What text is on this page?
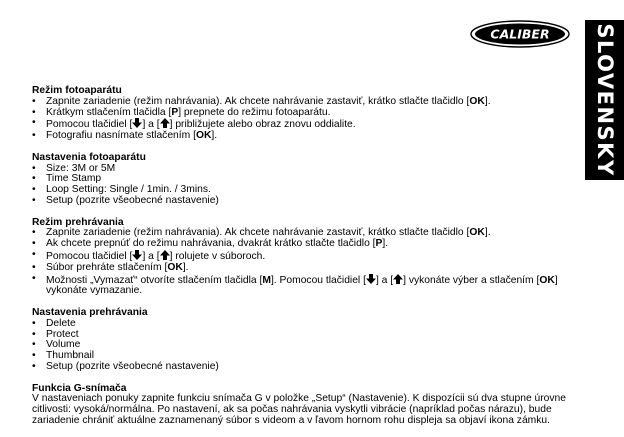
CALIBER SLOVENSKY
Režim fotoaparátu
• Zapnite zariadenie (režim nahrávania). Ak chcete nahrávanie zastaviť, krátko stlačte tlačidlo [OK].
• Krátkym stlačením tlačidla [P] prepnete do režimu fotoaparátu.
• Pomocou tlačidiel [ ] a [ ] približujete alebo obraz znovu oddialite.
• Fotografiu nasnímate stlačením [OK].
Nastavenia fotoaparátu
• Size: 3M or 5M
• Time Stamp
• Loop Setting: Single / 1min. / 3mins.
• Setup (pozrite všeobecné nastavenie)
Režim prehrávania
• Zapnite zariadenie (režim nahrávania). Ak chcete nahrávanie zastaviť, krátko stlačte tlačidlo [OK].
• Ak chcete prepnúť do režimu nahrávania, dvakrát krátko stlačte tlačidlo [P].
• Pomocou tlačidiel [ ] a [ ] rolujete v súboroch.
• Súbor prehráte stlačením [OK].
• Možnosti „Vymazať“ otvoríte stlačením tlačidla [M]. Pomocou tlačidiel [ ] a [ ] vykonáte výber a stlačením [OK] vykonáte vymazanie.
Nastavenia prehrávania
• Delete
• Protect
• Volume
• Thumbnail
• Setup (pozrite všeobecné nastavenie)
Funkcia G-snímača

V nastaveniach ponuky zapnite funkciu snímača G v položke „Setup“ (Nastavenie). K dispozícii sú dva stupne úrovne citlivosti: vysoká/normálna. Po nastavení, ak sa počas nahrávania vyskytli vibrácie (napríklad počas nárazu), bude zariadenie chrániť aktuálne zaznamenaný súbor s videom a v ľavom hornom rohu displeja sa objaví ikona zámku.
